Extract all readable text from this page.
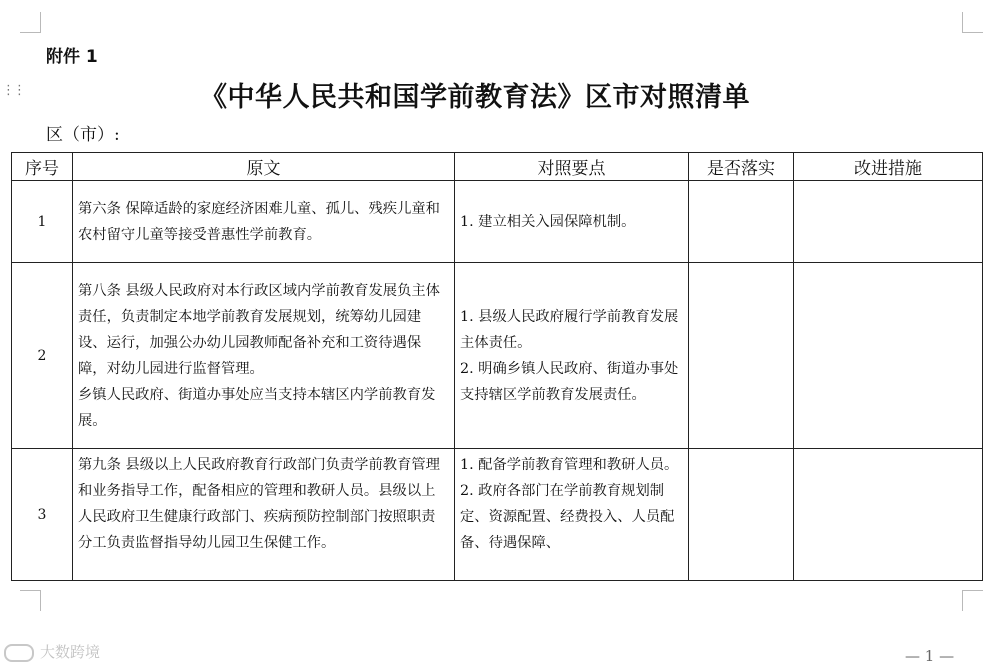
⋮⋮
附件 1
《中华人民共和国学前教育法》区市对照清单
区（市）:
序号	原文	对照要点	是否落实	改进措施
1	第六条 保障适龄的家庭经济困难儿童、孤儿、残疾儿童和农村留守儿童等接受普惠性学前教育。	1. 建立相关入园保障机制。		

2	第八条 县级人民政府对本行政区域内学前教育发展负主体责任，负责制定本地学前教育发展规划，统筹幼儿园建设、运行，加强公办幼儿园教师配备补充和工资待遇保障，对幼儿园进行监督管理。
乡镇人民政府、街道办事处应当支持本辖区内学前教育发展。	1. 县级人民政府履行学前教育发展主体责任。
2. 明确乡镇人民政府、街道办事处支持辖区学前教育发展责任。		

3	第九条 县级以上人民政府教育行政部门负责学前教育管理和业务指导工作，配备相应的管理和教研人员。县级以上人民政府卫生健康行政部门、疾病预防控制部门按照职责分工负责监督指导幼儿园卫生保健工作。	1. 配备学前教育管理和教研人员。
2. 政府各部门在学前教育规划制定、资源配置、经费投入、人员配备、待遇保障、		

大数跨境	— 1 —
